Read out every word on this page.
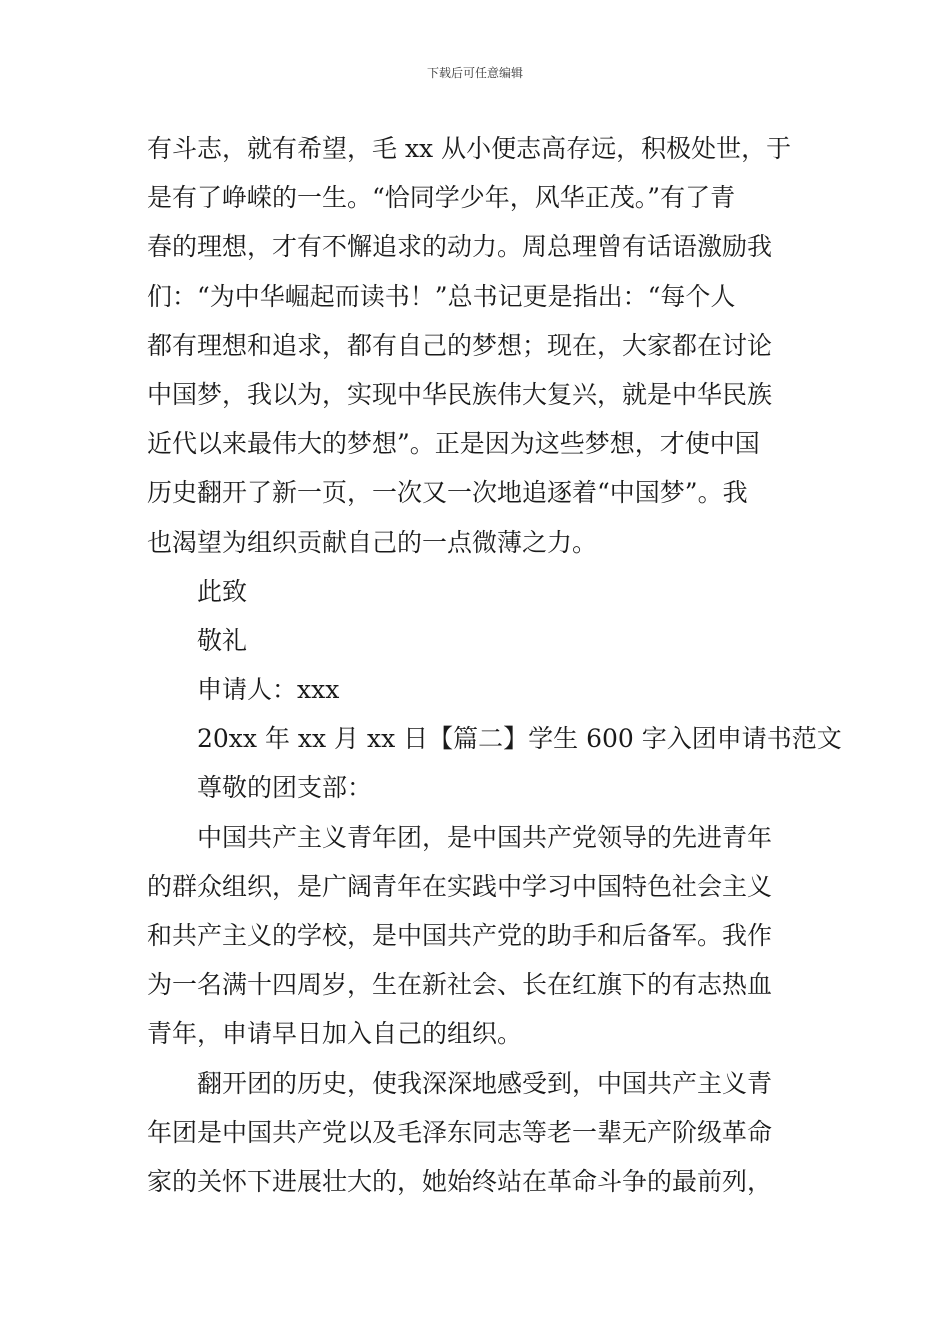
下载后可任意编辑
有斗志，就有希望，毛 xx 从小便志高存远，积极处世，于
是有了峥嵘的一生。“恰同学少年，风华正茂。”有了青
春的理想，才有不懈追求的动力。周总理曾有话语激励我
们：“为中华崛起而读书！”总书记更是指出：“每个人
都有理想和追求，都有自己的梦想；现在，大家都在讨论
中国梦，我以为，实现中华民族伟大复兴，就是中华民族
近代以来最伟大的梦想”。正是因为这些梦想，才使中国
历史翻开了新一页，一次又一次地追逐着“中国梦”。我
也渴望为组织贡献自己的一点微薄之力。
此致
敬礼
申请人：xxx
20xx 年 xx 月 xx 日【篇二】学生 600 字入团申请书范文
尊敬的团支部：
中国共产主义青年团，是中国共产党领导的先进青年
的群众组织，是广阔青年在实践中学习中国特色社会主义
和共产主义的学校，是中国共产党的助手和后备军。我作
为一名满十四周岁，生在新社会、长在红旗下的有志热血
青年，申请早日加入自己的组织。
翻开团的历史，使我深深地感受到，中国共产主义青
年团是中国共产党以及毛泽东同志等老一辈无产阶级革命
家的关怀下进展壮大的，她始终站在革命斗争的最前列，
